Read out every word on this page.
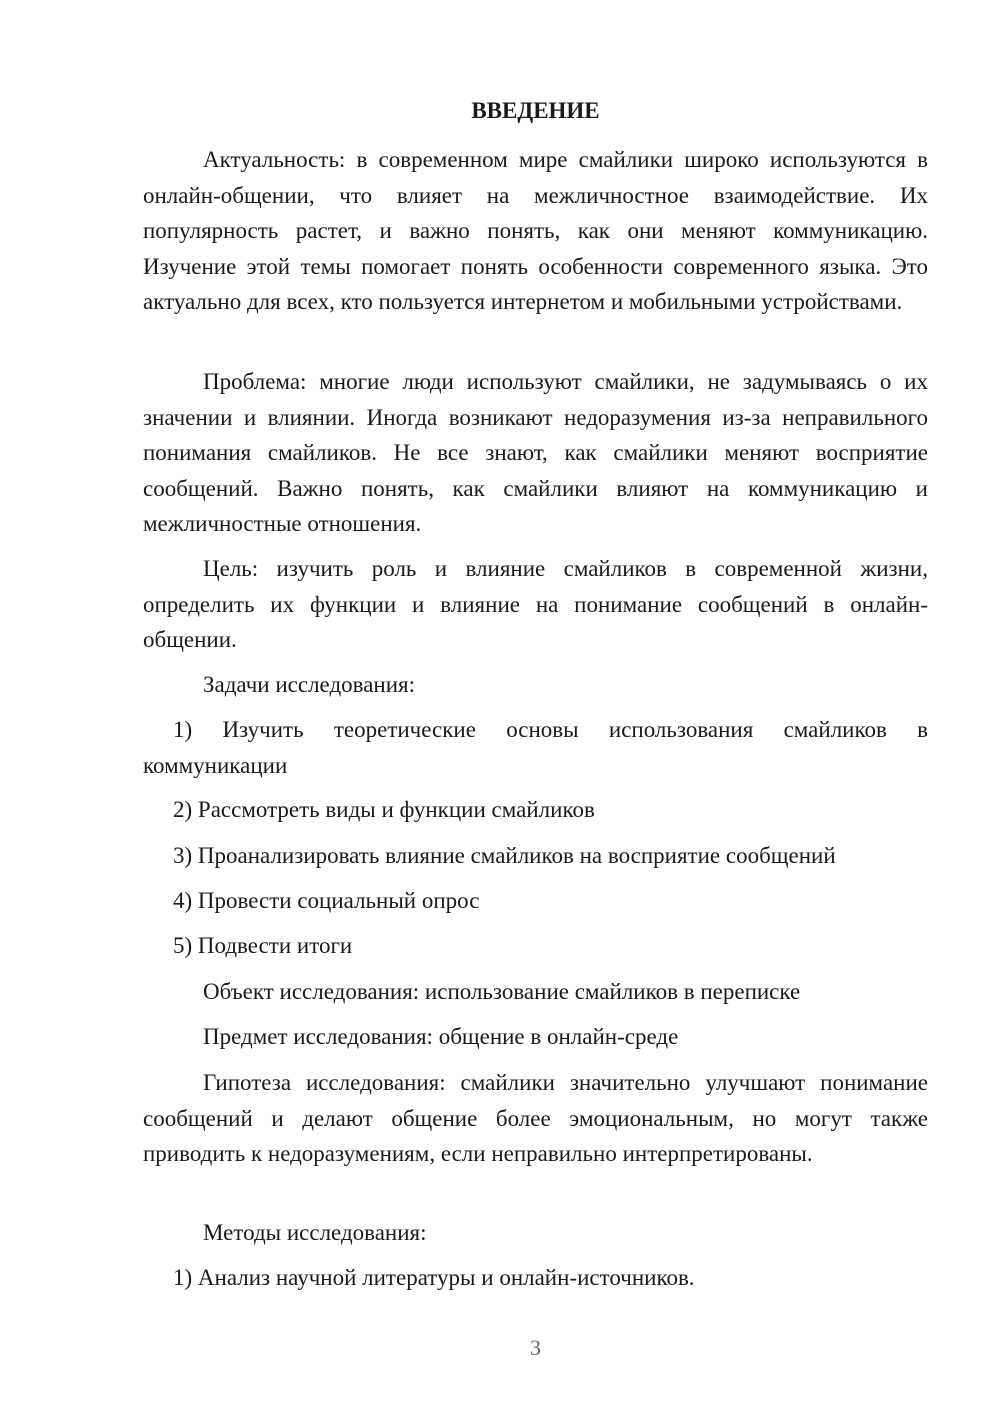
ВВЕДЕНИЕ

Актуальность: в современном мире смайлики широко используются в онлайн-общении, что влияет на межличностное взаимодействие. Их популярность растет, и важно понять, как они меняют коммуникацию. Изучение этой темы помогает понять особенности современного языка. Это актуально для всех, кто пользуется интернетом и мобильными устройствами.

Проблема: многие люди используют смайлики, не задумываясь о их значении и влиянии. Иногда возникают недоразумения из-за неправильного понимания смайликов. Не все знают, как смайлики меняют восприятие сообщений. Важно понять, как смайлики влияют на коммуникацию и межличностные отношения.

Цель: изучить роль и влияние смайликов в современной жизни, определить их функции и влияние на понимание сообщений в онлайн-общении.

Задачи исследования:

1) Изучить теоретические основы использования смайликов в коммуникации

2) Рассмотреть виды и функции смайликов

3) Проанализировать влияние смайликов на восприятие сообщений

4) Провести социальный опрос

5) Подвести итоги

Объект исследования: использование смайликов в переписке

Предмет исследования: общение в онлайн-среде

Гипотеза исследования: смайлики значительно улучшают понимание сообщений и делают общение более эмоциональным, но могут также приводить к недоразумениям, если неправильно интерпретированы.

Методы исследования:

1) Анализ научной литературы и онлайн-источников.

3
